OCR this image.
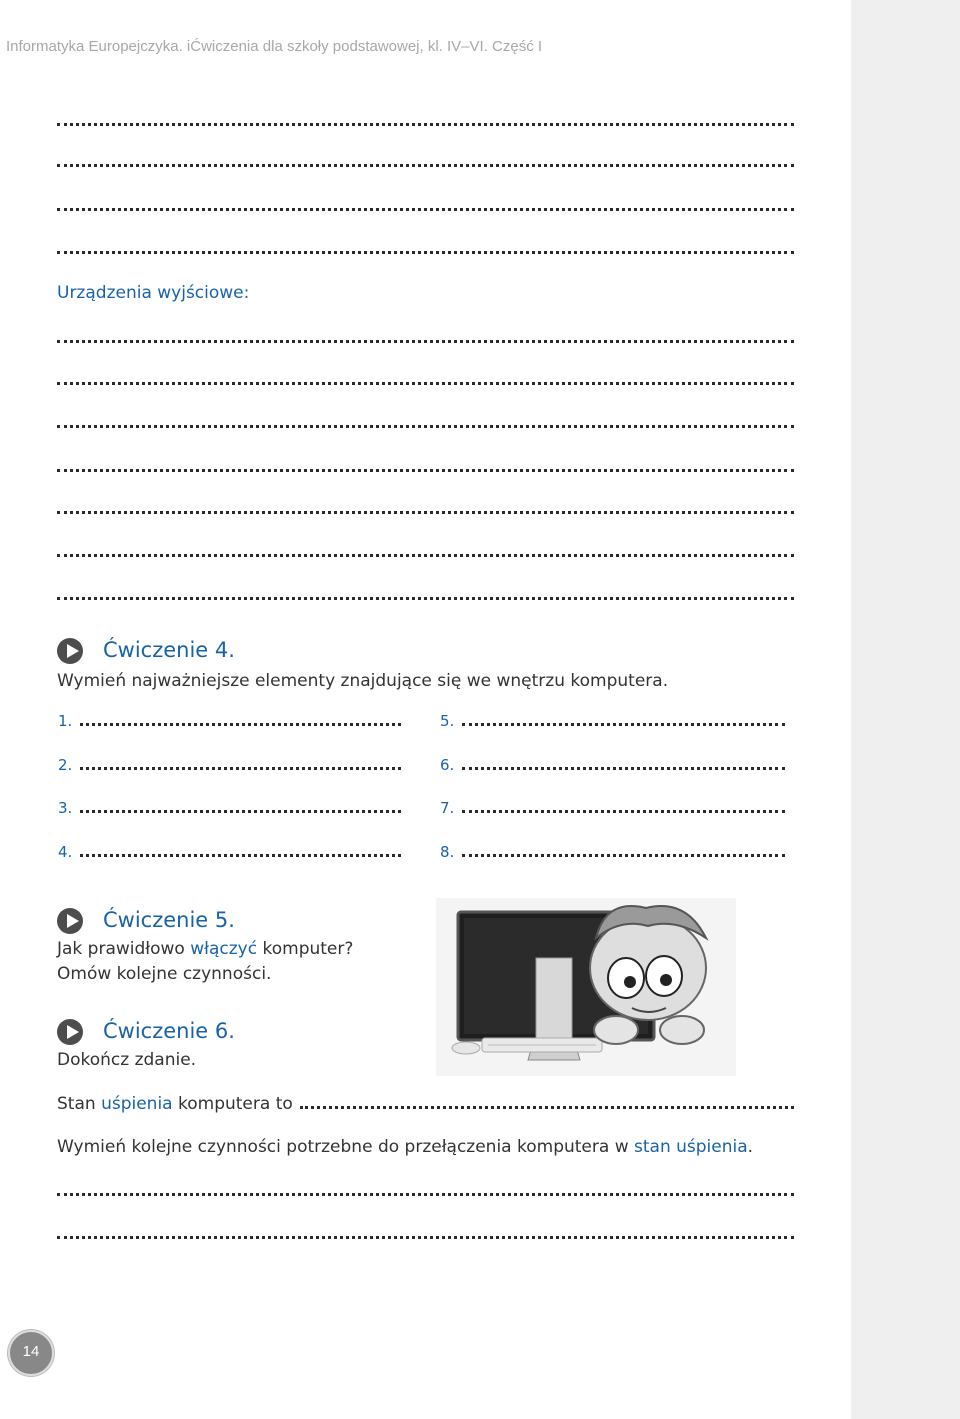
Informatyka Europejczyka. iĆwiczenia dla szkoły podstawowej, kl. IV–VI. Część I
Urządzenia wyjściowe:
Ćwiczenie 4.
Wymień najważniejsze elementy znajdujące się we wnętrzu komputera.
1.
2.
3.
4.
5.
6.
7.
8.
Ćwiczenie 5.
Jak prawidłowo włączyć komputer?
Omów kolejne czynności.
Ćwiczenie 6.
Dokończ zdanie.
Stan uśpienia komputera to
Wymień kolejne czynności potrzebne do przełączenia komputera w stan uśpienia.
14
